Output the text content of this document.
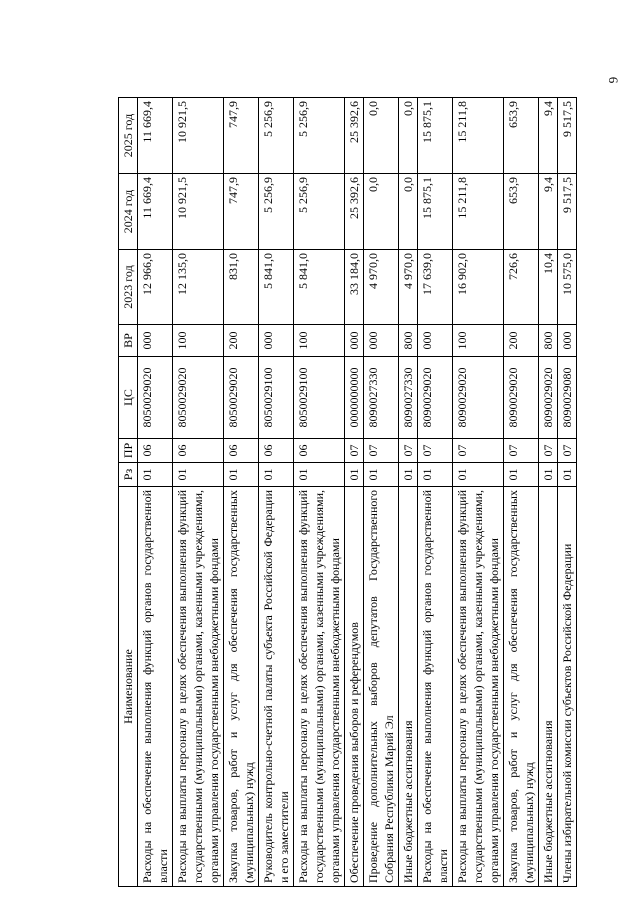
6
Наименование	Рз	ПР	ЦС	ВР	2023 год	2024 год	2025 год
Расходы на обеспечение выполнения функций органов государственной власти	01	06	8050029020	000	12 966,0	11 669,4	11 669,4
Расходы на выплаты персоналу в целях обеспечения выполнения функций государственными (муниципальными) органами, казенными учреждениями, органами управления государственными внебюджетными фондами	01	06	8050029020	100	12 135,0	10 921,5	10 921,5
Закупка товаров, работ и услуг для обеспечения государственных (муниципальных) нужд	01	06	8050029020	200	831,0	747,9	747,9
Руководитель контрольно-счетной палаты субъекта Российской Федерации и его заместители	01	06	8050029100	000	5 841,0	5 256,9	5 256,9
Расходы на выплаты персоналу в целях обеспечения выполнения функций государственными (муниципальными) органами, казенными учреждениями, органами управления государственными внебюджетными фондами	01	06	8050029100	100	5 841,0	5 256,9	5 256,9
Обеспечение проведения выборов и референдумов	01	07	0000000000	000	33 184,0	25 392,6	25 392,6
Проведение дополнительных выборов депутатов Государственного Собрания Республики Марий Эл	01	07	8090027330	000	4 970,0	0,0	0,0
Иные бюджетные ассигнования	01	07	8090027330	800	4 970,0	0,0	0,0
Расходы на обеспечение выполнения функций органов государственной власти	01	07	8090029020	000	17 639,0	15 875,1	15 875,1
Расходы на выплаты персоналу в целях обеспечения выполнения функций государственными (муниципальными) органами, казенными учреждениями, органами управления государственными внебюджетными фондами	01	07	8090029020	100	16 902,0	15 211,8	15 211,8
Закупка товаров, работ и услуг для обеспечения государственных (муниципальных) нужд	01	07	8090029020	200	726,6	653,9	653,9
Иные бюджетные ассигнования	01	07	8090029020	800	10,4	9,4	9,4
Члены избирательной комиссии субъектов Российской Федерации	01	07	8090029080	000	10 575,0	9 517,5	9 517,5
